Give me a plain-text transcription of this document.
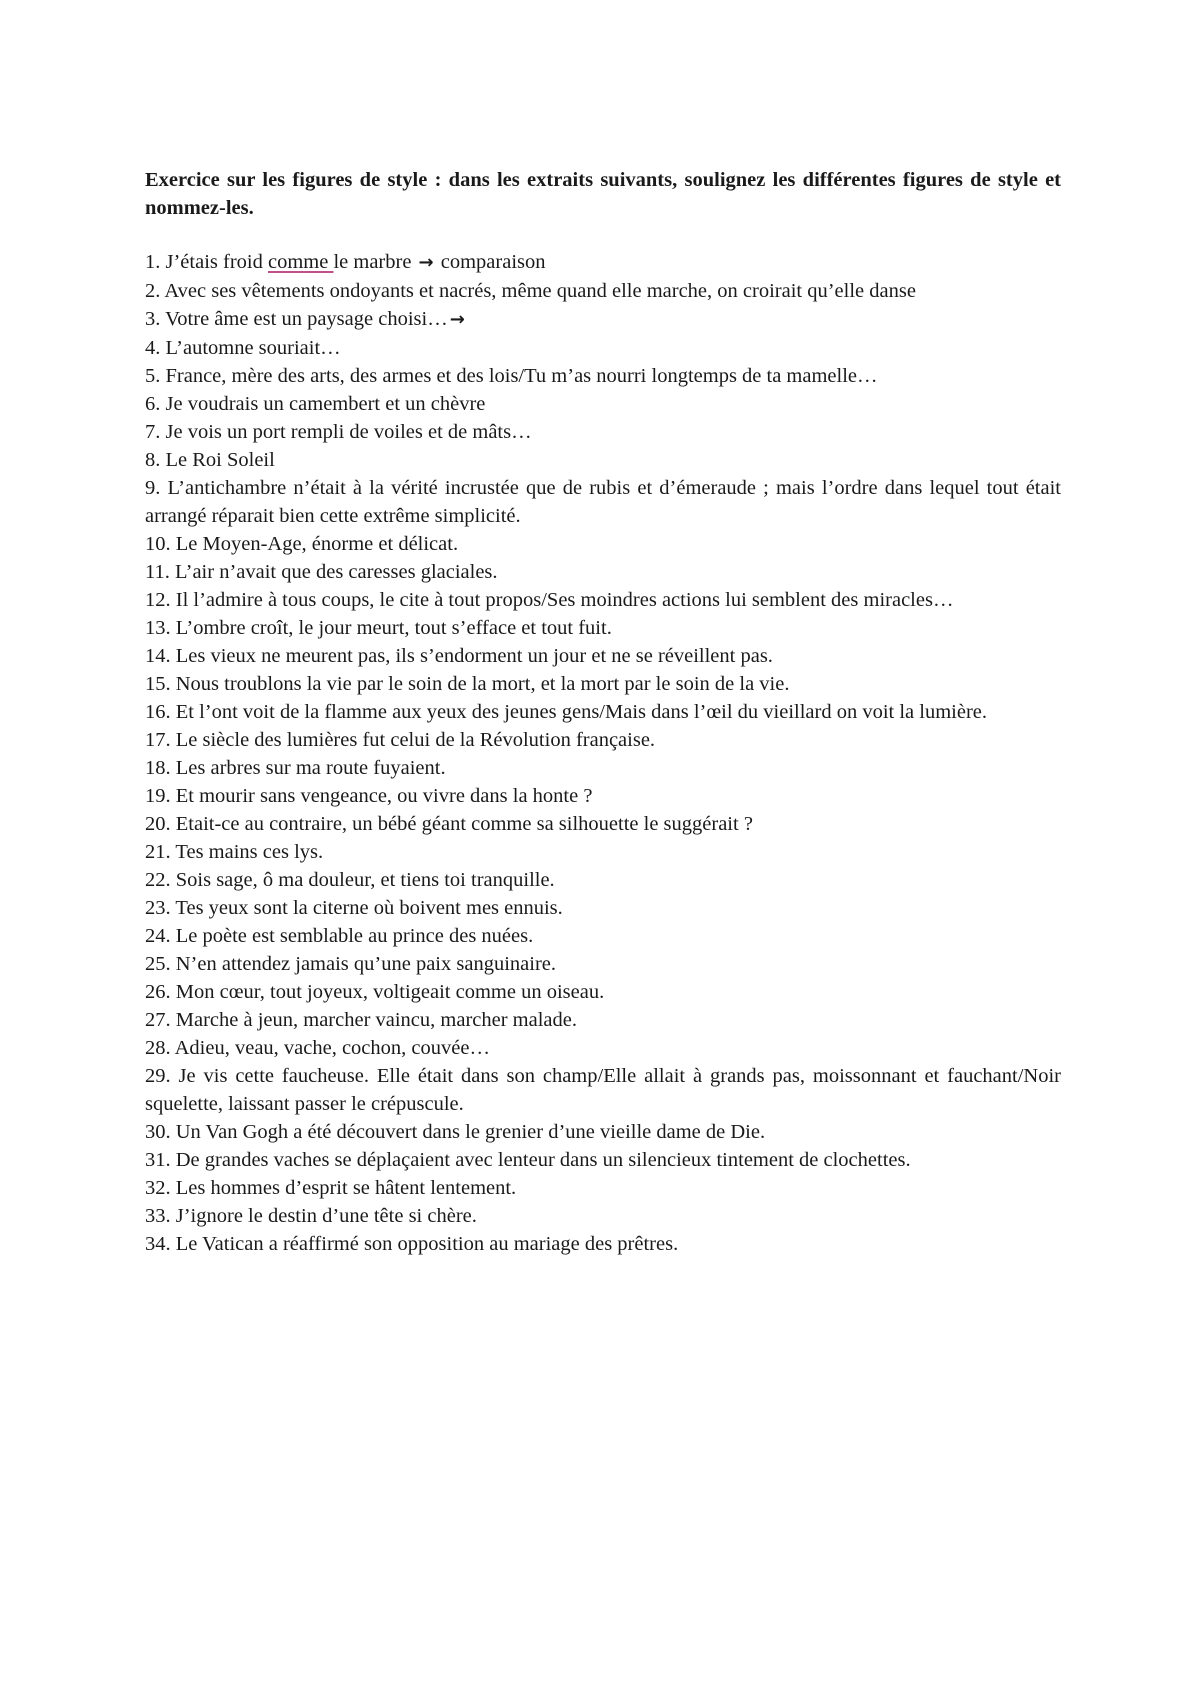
Exercice sur les figures de style : dans les extraits suivants, soulignez les différentes figures de style et nommez-les.

1. J’étais froid comme le marbre → comparaison
2. Avec ses vêtements ondoyants et nacrés, même quand elle marche, on croirait qu’elle danse
3. Votre âme est un paysage choisi… →
4. L’automne souriait…
5. France, mère des arts, des armes et des lois/Tu m’as nourri longtemps de ta mamelle…
6. Je voudrais un camembert et un chèvre
7. Je vois un port rempli de voiles et de mâts…
8. Le Roi Soleil
9. L’antichambre n’était à la vérité incrustée que de rubis et d’émeraude ; mais l’ordre dans lequel tout était arrangé réparait bien cette extrême simplicité.
10. Le Moyen-Age, énorme et délicat.
11. L’air n’avait que des caresses glaciales.
12. Il l’admire à tous coups, le cite à tout propos/Ses moindres actions lui semblent des miracles…
13. L’ombre croît, le jour meurt, tout s’efface et tout fuit.
14. Les vieux ne meurent pas, ils s’endorment un jour et ne se réveillent pas.
15. Nous troublons la vie par le soin de la mort, et la mort par le soin de la vie.
16. Et l’ont voit de la flamme aux yeux des jeunes gens/Mais dans l’œil du vieillard on voit la lumière.
17. Le siècle des lumières fut celui de la Révolution française.
18. Les arbres sur ma route fuyaient.
19. Et mourir sans vengeance, ou vivre dans la honte ?
20. Etait-ce au contraire, un bébé géant comme sa silhouette le suggérait ?
21. Tes mains ces lys.
22. Sois sage, ô ma douleur, et tiens toi tranquille.
23. Tes yeux sont la citerne où boivent mes ennuis.
24. Le poète est semblable au prince des nuées.
25. N’en attendez jamais qu’une paix sanguinaire.
26. Mon cœur, tout joyeux, voltigeait comme un oiseau.
27. Marche à jeun, marcher vaincu, marcher malade.
28. Adieu, veau, vache, cochon, couvée…
29. Je vis cette faucheuse. Elle était dans son champ/Elle allait à grands pas, moissonnant et fauchant/Noir squelette, laissant passer le crépuscule.
30. Un Van Gogh a été découvert dans le grenier d’une vieille dame de Die.
31. De grandes vaches se déplaçaient avec lenteur dans un silencieux tintement de clochettes.
32. Les hommes d’esprit se hâtent lentement.
33. J’ignore le destin d’une tête si chère.
34. Le Vatican a réaffirmé son opposition au mariage des prêtres.
